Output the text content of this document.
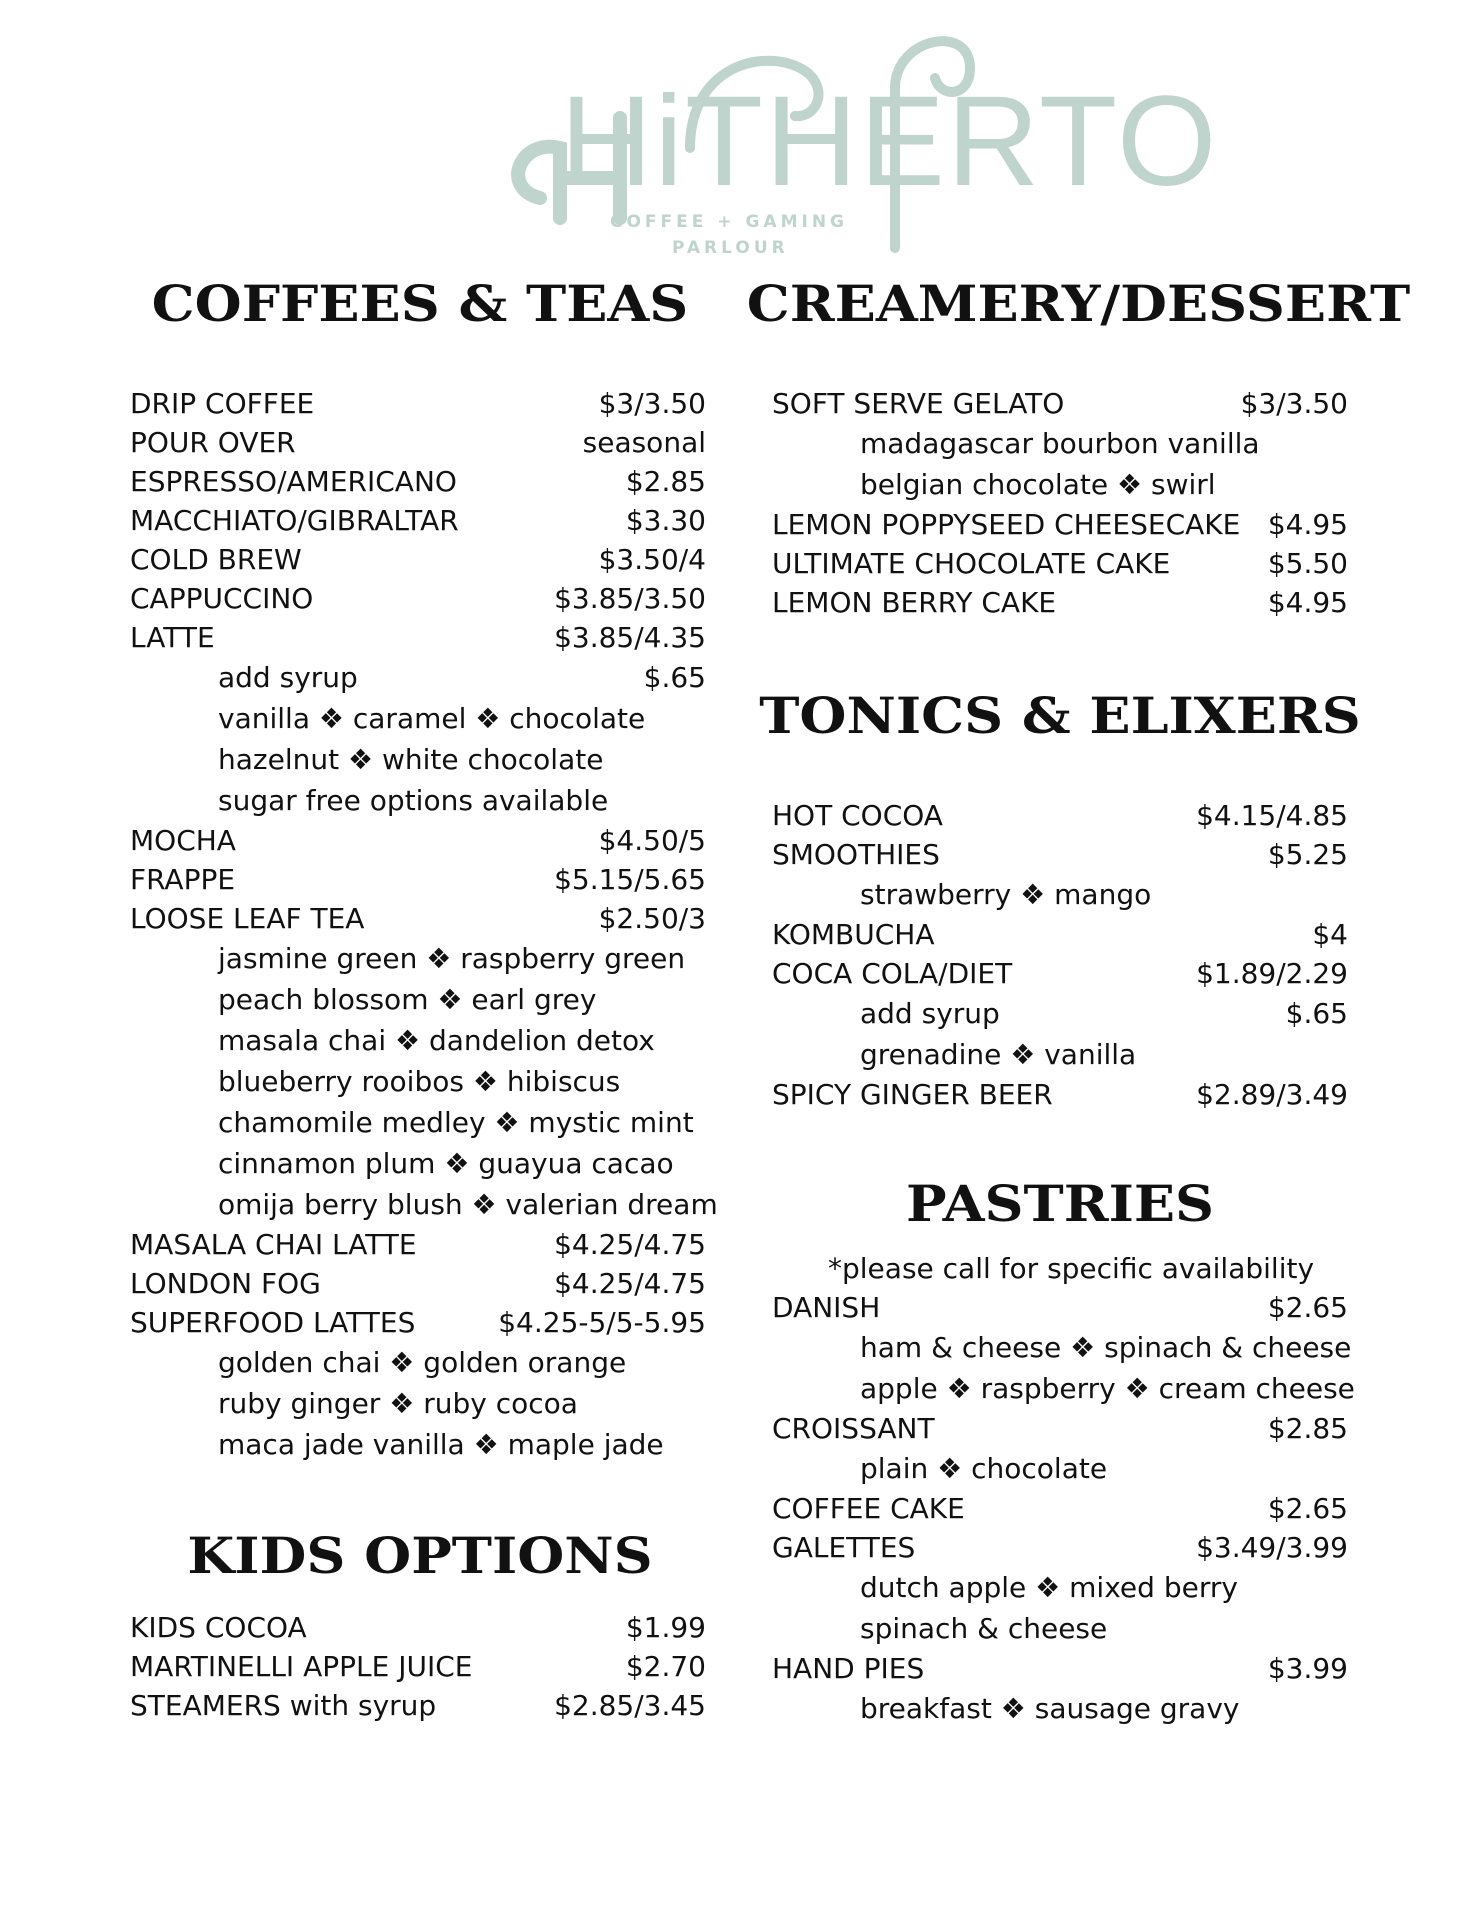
HiTHERTO
COFFEE + GAMING
PARLOUR
COFFEES & TEAS	CREAMERY/DESSERT
TONICS & ELIXERS
PASTRIES
KIDS OPTIONS
DRIP COFFEE	$3/3.50
POUR OVER	seasonal
ESPRESSO/AMERICANO	$2.85
MACCHIATO/GIBRALTAR	$3.30
COLD BREW	$3.50/4
CAPPUCCINO	$3.85/3.50
LATTE	$3.85/4.35
add syrup	$.65
vanilla ❖ caramel ❖ chocolate
hazelnut ❖ white chocolate
sugar free options available
MOCHA	$4.50/5
FRAPPE	$5.15/5.65
LOOSE LEAF TEA	$2.50/3
jasmine green ❖ raspberry green
peach blossom ❖ earl grey
masala chai ❖ dandelion detox
blueberry rooibos ❖ hibiscus
chamomile medley ❖ mystic mint
cinnamon plum ❖ guayua cacao
omija berry blush ❖ valerian dream
MASALA CHAI LATTE	$4.25/4.75
LONDON FOG	$4.25/4.75
SUPERFOOD LATTES	$4.25-5/5-5.95
golden chai ❖ golden orange
ruby ginger ❖ ruby cocoa
maca jade vanilla ❖ maple jade
KIDS COCOA	$1.99
MARTINELLI APPLE JUICE	$2.70
STEAMERS with syrup	$2.85/3.45
SOFT SERVE GELATO	$3/3.50
madagascar bourbon vanilla
belgian chocolate ❖ swirl
LEMON POPPYSEED CHEESECAKE $4.95
ULTIMATE CHOCOLATE CAKE	$5.50
LEMON BERRY CAKE	$4.95
HOT COCOA	$4.15/4.85
SMOOTHIES	$5.25
strawberry ❖ mango
KOMBUCHA	$4
COCA COLA/DIET	$1.89/2.29
add syrup	$.65
grenadine ❖ vanilla
SPICY GINGER BEER	$2.89/3.49
*please call for specific availability
DANISH	$2.65
ham & cheese ❖ spinach & cheese
apple ❖ raspberry ❖ cream cheese
CROISSANT	$2.85
plain ❖ chocolate
COFFEE CAKE	$2.65
GALETTES	$3.49/3.99
dutch apple ❖ mixed berry
spinach & cheese
HAND PIES	$3.99
breakfast ❖ sausage gravy
